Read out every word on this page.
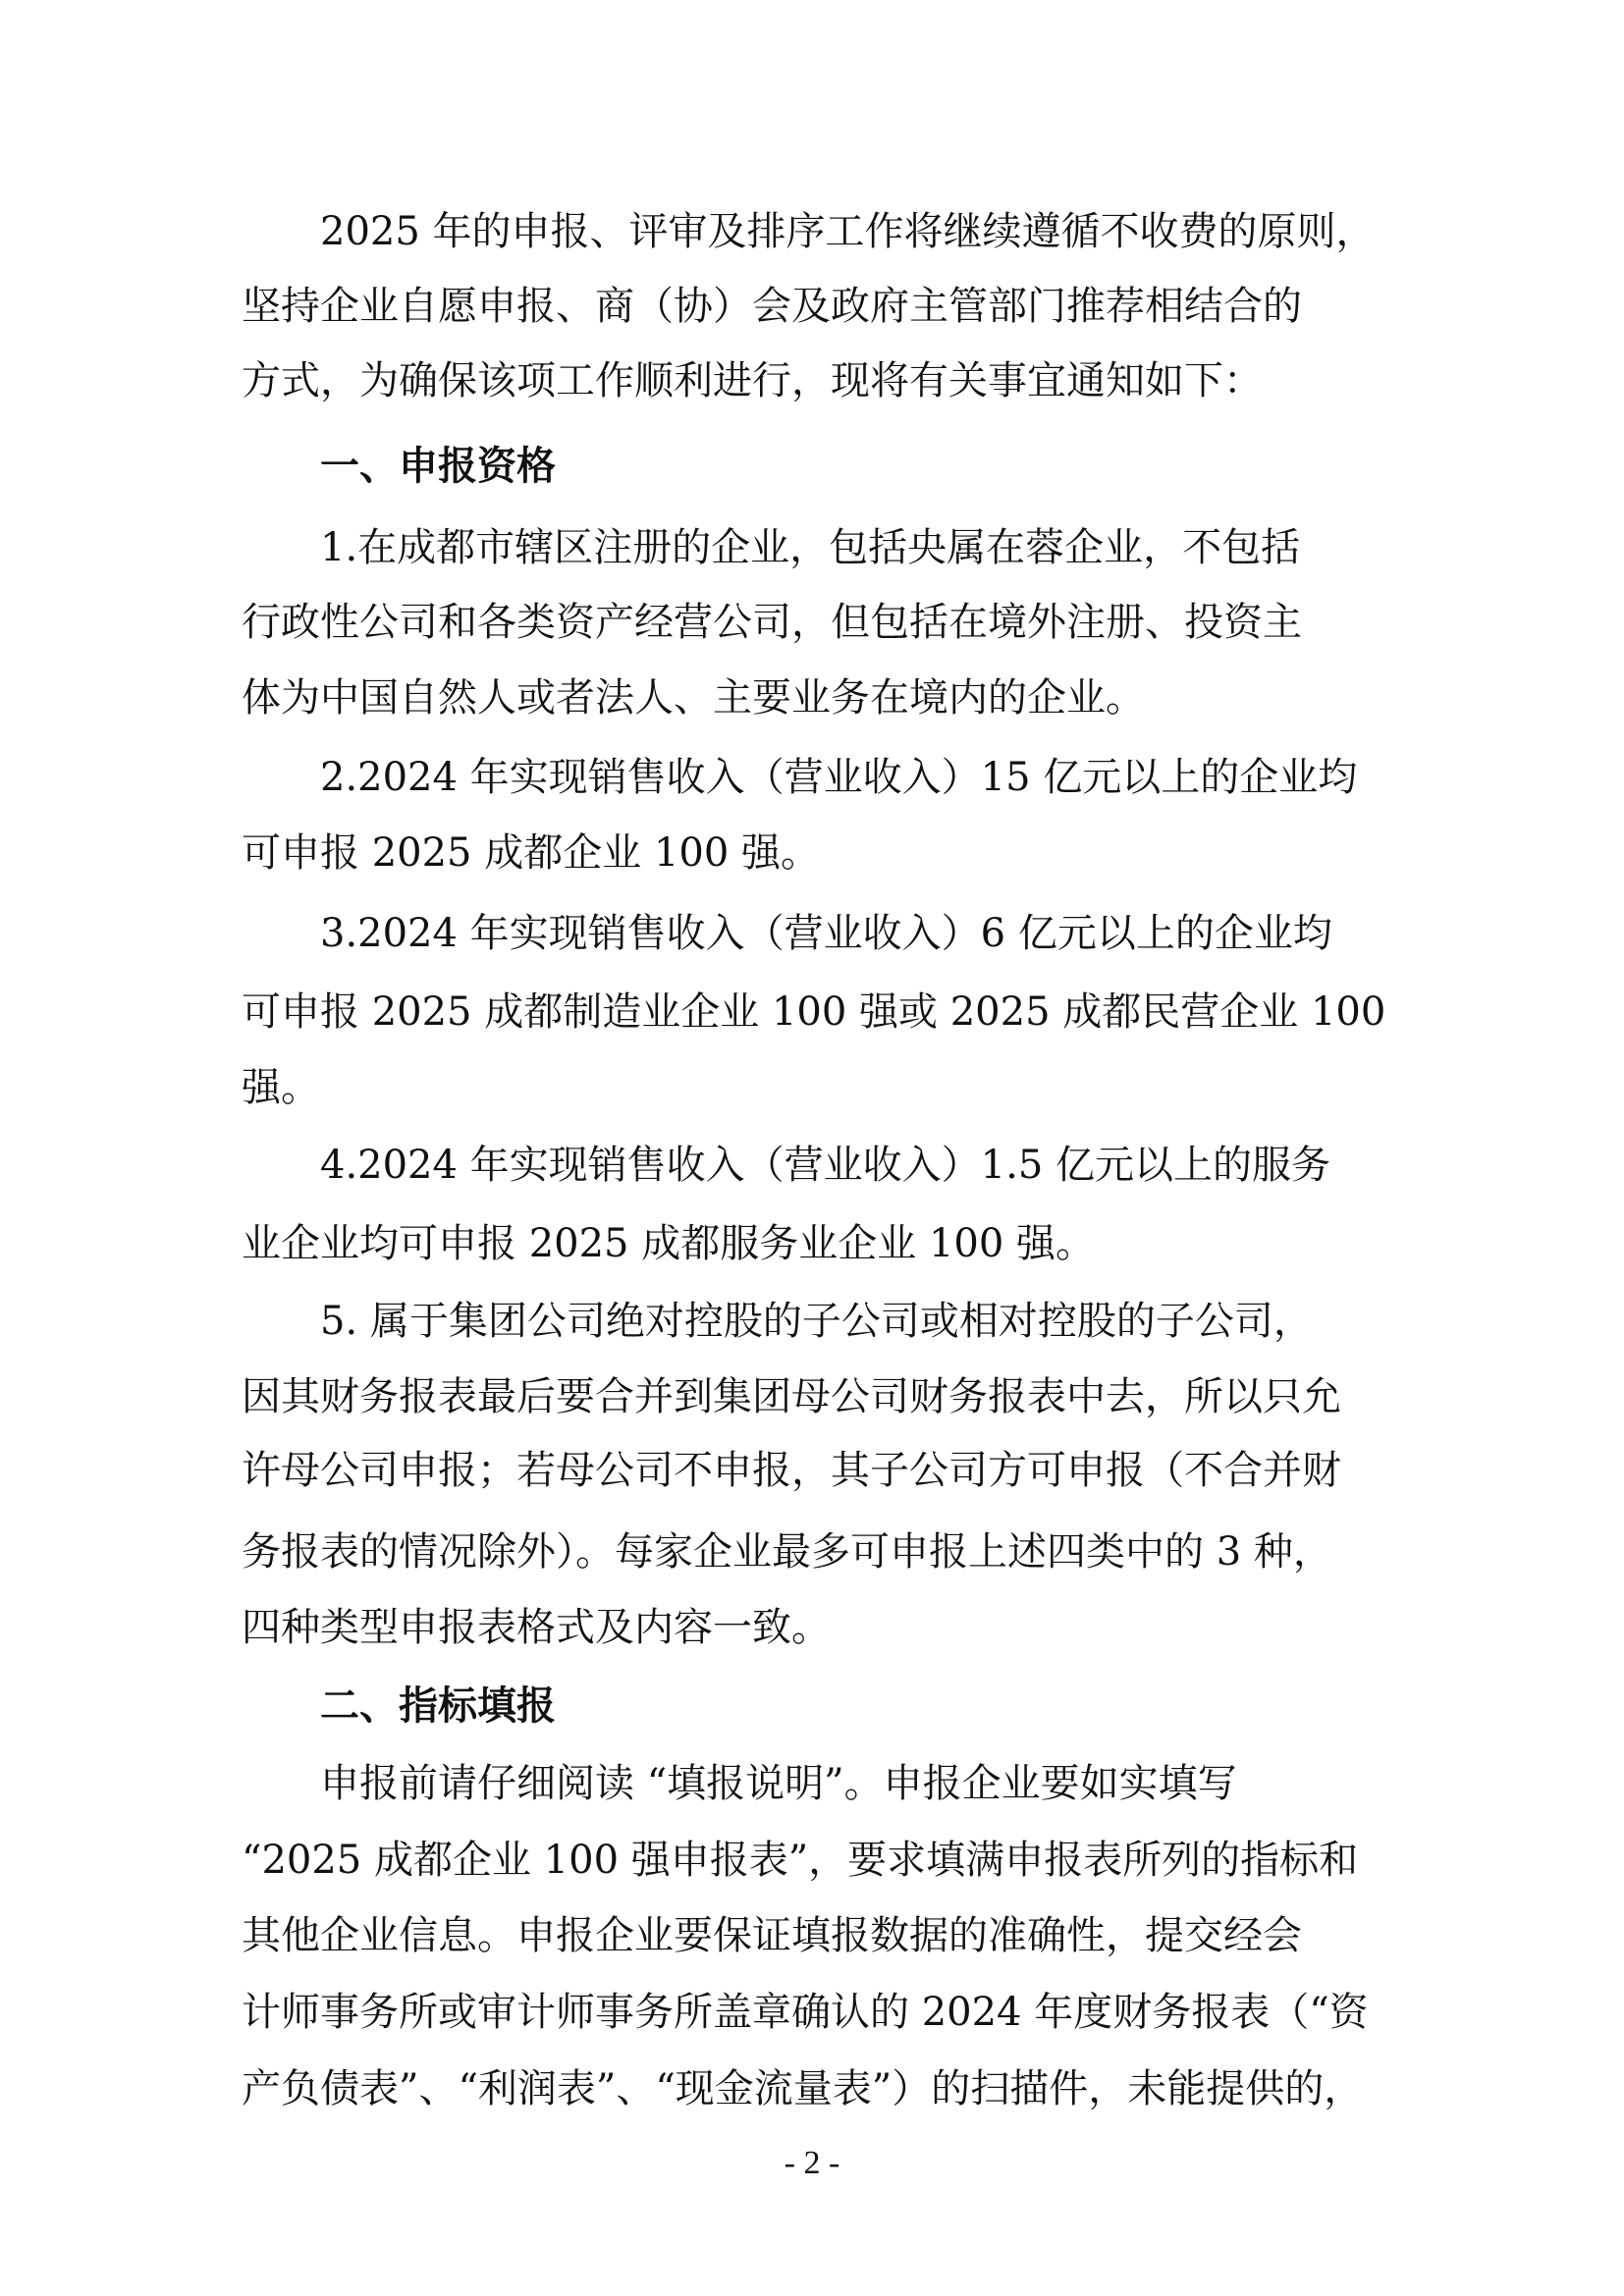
　　2025 年的申报、评审及排序工作将继续遵循不收费的原则，
坚持企业自愿申报、商（协）会及政府主管部门推荐相结合的
方式，为确保该项工作顺利进行，现将有关事宜通知如下：
　　一、申报资格
　　1.在成都市辖区注册的企业，包括央属在蓉企业，不包括
行政性公司和各类资产经营公司，但包括在境外注册、投资主
体为中国自然人或者法人、主要业务在境内的企业。
　　2.2024 年实现销售收入（营业收入）15 亿元以上的企业均
可申报 2025 成都企业 100 强。
　　3.2024 年实现销售收入（营业收入）6 亿元以上的企业均
可申报 2025 成都制造业企业 100 强或 2025 成都民营企业 100
强。
　　4.2024 年实现销售收入（营业收入）1.5 亿元以上的服务
业企业均可申报 2025 成都服务业企业 100 强。
　　5. 属于集团公司绝对控股的子公司或相对控股的子公司，
因其财务报表最后要合并到集团母公司财务报表中去，所以只允
许母公司申报；若母公司不申报，其子公司方可申报（不合并财
务报表的情况除外）。每家企业最多可申报上述四类中的 3 种，
四种类型申报表格式及内容一致。
　　二、指标填报
　　申报前请仔细阅读 “填报说明”。申报企业要如实填写
“2025 成都企业 100 强申报表”，要求填满申报表所列的指标和
其他企业信息。申报企业要保证填报数据的准确性，提交经会
计师事务所或审计师事务所盖章确认的 2024 年度财务报表（“资
产负债表”、“利润表”、“现金流量表”）的扫描件，未能提供的，
- 2 -
